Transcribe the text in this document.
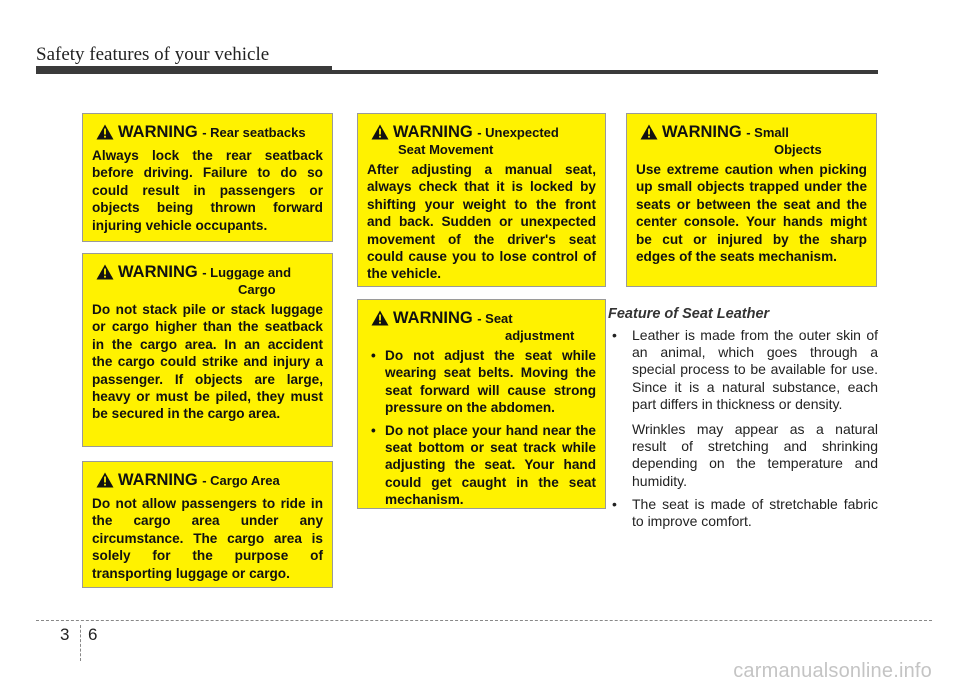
Safety features of your vehicle
WARNING - Rear seatbacks
Always lock the rear seatback before driving. Failure to do so could result in passengers or objects being thrown forward injuring vehicle occupants.
WARNING - Luggage and
Cargo
Do not stack pile or stack luggage or cargo higher than the seatback in the cargo area. In an accident the cargo could strike and injury a passenger. If objects are large, heavy or must be piled, they must be secured in the cargo area.
WARNING - Cargo Area
Do not allow passengers to ride in the cargo area under any circumstance. The cargo area is solely for the purpose of transporting luggage or cargo.
WARNING - Unexpected
Seat Movement
After adjusting a manual seat, always check that it is locked by shifting your weight to the front and back. Sudden or unexpected movement of the driver's seat could cause you to lose control of the vehicle.
WARNING - Seat
adjustment
• Do not adjust the seat while wearing seat belts. Moving the seat forward will cause strong pressure on the abdomen.
• Do not place your hand near the seat bottom or seat track while adjusting the seat. Your hand could get caught in the seat mechanism.
WARNING - Small
Objects
Use extreme caution when picking up small objects trapped under the seats or between the seat and the center console. Your hands might be cut or injured by the sharp edges of the seats mechanism.
Feature of Seat Leather
• Leather is made from the outer skin of an animal, which goes through a special process to be available for use. Since it is a natural substance, each part differs in thickness or density.

Wrinkles may appear as a natural result of stretching and shrinking depending on the temperature and humidity.

• The seat is made of stretchable fabric to improve comfort.
3 6
carmanualsonline.info
